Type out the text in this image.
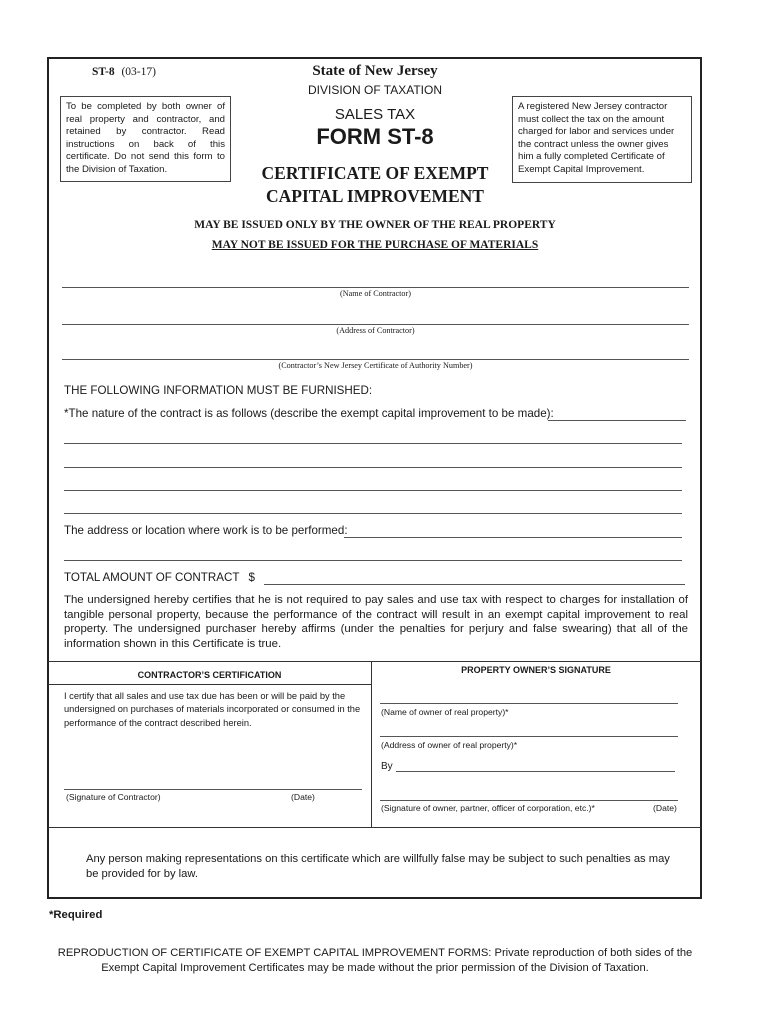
ST-8 (03-17)	State of New Jersey
DIVISION OF TAXATION
SALES TAX
FORM ST-8
CERTIFICATE OF EXEMPT
CAPITAL IMPROVEMENT
To be completed by both owner of real property and contractor, and retained by contractor. Read instructions on back of this certificate. Do not send this form to the Division of Taxation.
A registered New Jersey contractor must collect the tax on the amount charged for labor and services under the contract unless the owner gives him a fully completed Certificate of Exempt Capital Improvement.
MAY BE ISSUED ONLY BY THE OWNER OF THE REAL PROPERTY
MAY NOT BE ISSUED FOR THE PURCHASE OF MATERIALS
(Name of Contractor)
(Address of Contractor)
(Contractor’s New Jersey Certificate of Authority Number)
THE FOLLOWING INFORMATION MUST BE FURNISHED:
*The nature of the contract is as follows (describe the exempt capital improvement to be made):
The address or location where work is to be performed:
TOTAL AMOUNT OF CONTRACT $
The undersigned hereby certifies that he is not required to pay sales and use tax with respect to charges for installation of tangible personal property, because the performance of the contract will result in an exempt capital improvement to real property. The undersigned purchaser hereby affirms (under the penalties for perjury and false swearing) that all of the information shown in this Certificate is true.
CONTRACTOR’S CERTIFICATION
I certify that all sales and use tax due has been or will be paid by the undersigned on purchases of materials incorporated or consumed in the performance of the contract described herein.
(Signature of Contractor)	(Date)
PROPERTY OWNER’S SIGNATURE
(Name of owner of real property)*
(Address of owner of real property)*
By
(Signature of owner, partner, officer of corporation, etc.)*	(Date)
Any person making representations on this certificate which are willfully false may be subject to such penalties as may be provided for by law.
*Required
REPRODUCTION OF CERTIFICATE OF EXEMPT CAPITAL IMPROVEMENT FORMS: Private reproduction of both sides of the Exempt Capital Improvement Certificates may be made without the prior permission of the Division of Taxation.
